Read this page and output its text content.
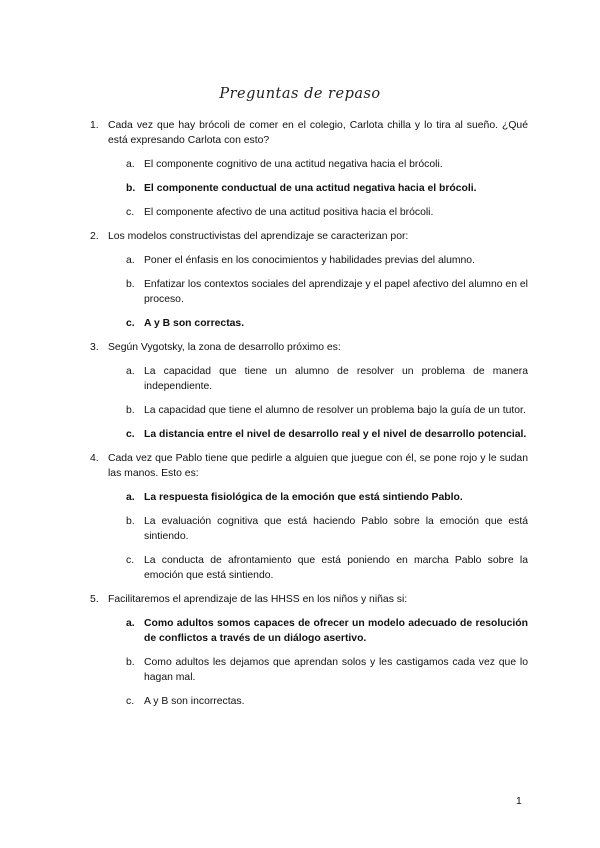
Preguntas de repaso
1. Cada vez que hay brócoli de comer en el colegio, Carlota chilla y lo tira al sueño. ¿Qué está expresando Carlota con esto?
a. El componente cognitivo de una actitud negativa hacia el brócoli.
b. El componente conductual de una actitud negativa hacia el brócoli.
c. El componente afectivo de una actitud positiva hacia el brócoli.
2. Los modelos constructivistas del aprendizaje se caracterizan por:
a. Poner el énfasis en los conocimientos y habilidades previas del alumno.
b. Enfatizar los contextos sociales del aprendizaje y el papel afectivo del alumno en el proceso.
c. A y B son correctas.
3. Según Vygotsky, la zona de desarrollo próximo es:
a. La capacidad que tiene un alumno de resolver un problema de manera independiente.
b. La capacidad que tiene el alumno de resolver un problema bajo la guía de un tutor.
c. La distancia entre el nivel de desarrollo real y el nivel de desarrollo potencial.
4. Cada vez que Pablo tiene que pedirle a alguien que juegue con él, se pone rojo y le sudan las manos. Esto es:
a. La respuesta fisiológica de la emoción que está sintiendo Pablo.
b. La evaluación cognitiva que está haciendo Pablo sobre la emoción que está sintiendo.
c. La conducta de afrontamiento que está poniendo en marcha Pablo sobre la emoción que está sintiendo.
5. Facilitaremos el aprendizaje de las HHSS en los niños y niñas si:
a. Como adultos somos capaces de ofrecer un modelo adecuado de resolución de conflictos a través de un diálogo asertivo.
b. Como adultos les dejamos que aprendan solos y les castigamos cada vez que lo hagan mal.
c. A y B son incorrectas.
1
